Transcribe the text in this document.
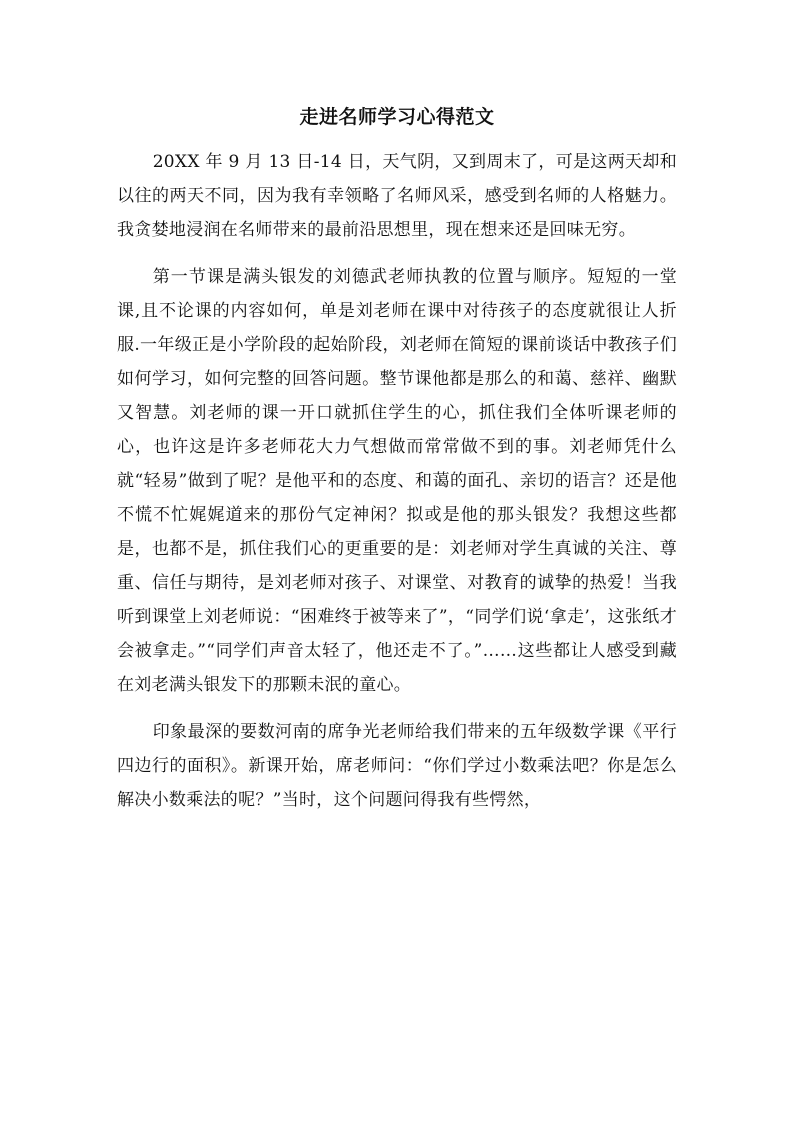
走进名师学习心得范文

20XX 年 9 月 13 日-14 日，天气阴，又到周末了，可是这两天却和以往的两天不同，因为我有幸领略了名师风采，感受到名师的人格魅力。我贪婪地浸润在名师带来的最前沿思想里，现在想来还是回味无穷。

第一节课是满头银发的刘德武老师执教的位置与顺序。短短的一堂课,且不论课的内容如何，单是刘老师在课中对待孩子的态度就很让人折服.一年级正是小学阶段的起始阶段，刘老师在简短的课前谈话中教孩子们如何学习，如何完整的回答问题。整节课他都是那么的和蔼、慈祥、幽默又智慧。刘老师的课一开口就抓住学生的心，抓住我们全体听课老师的心，也许这是许多老师花大力气想做而常常做不到的事。刘老师凭什么就“轻易”做到了呢？是他平和的态度、和蔼的面孔、亲切的语言？还是他不慌不忙娓娓道来的那份气定神闲？拟或是他的那头银发？我想这些都是，也都不是，抓住我们心的更重要的是：刘老师对学生真诚的关注、尊重、信任与期待，是刘老师对孩子、对课堂、对教育的诚挚的热爱！当我听到课堂上刘老师说：“困难终于被等来了”，“同学们说‘拿走’，这张纸才会被拿走。”“同学们声音太轻了，他还走不了。”……这些都让人感受到藏在刘老满头银发下的那颗未泯的童心。

印象最深的要数河南的席争光老师给我们带来的五年级数学课《平行四边行的面积》。新课开始，席老师问：“你们学过小数乘法吧？你是怎么解决小数乘法的呢？”当时，这个问题问得我有些愕然，
